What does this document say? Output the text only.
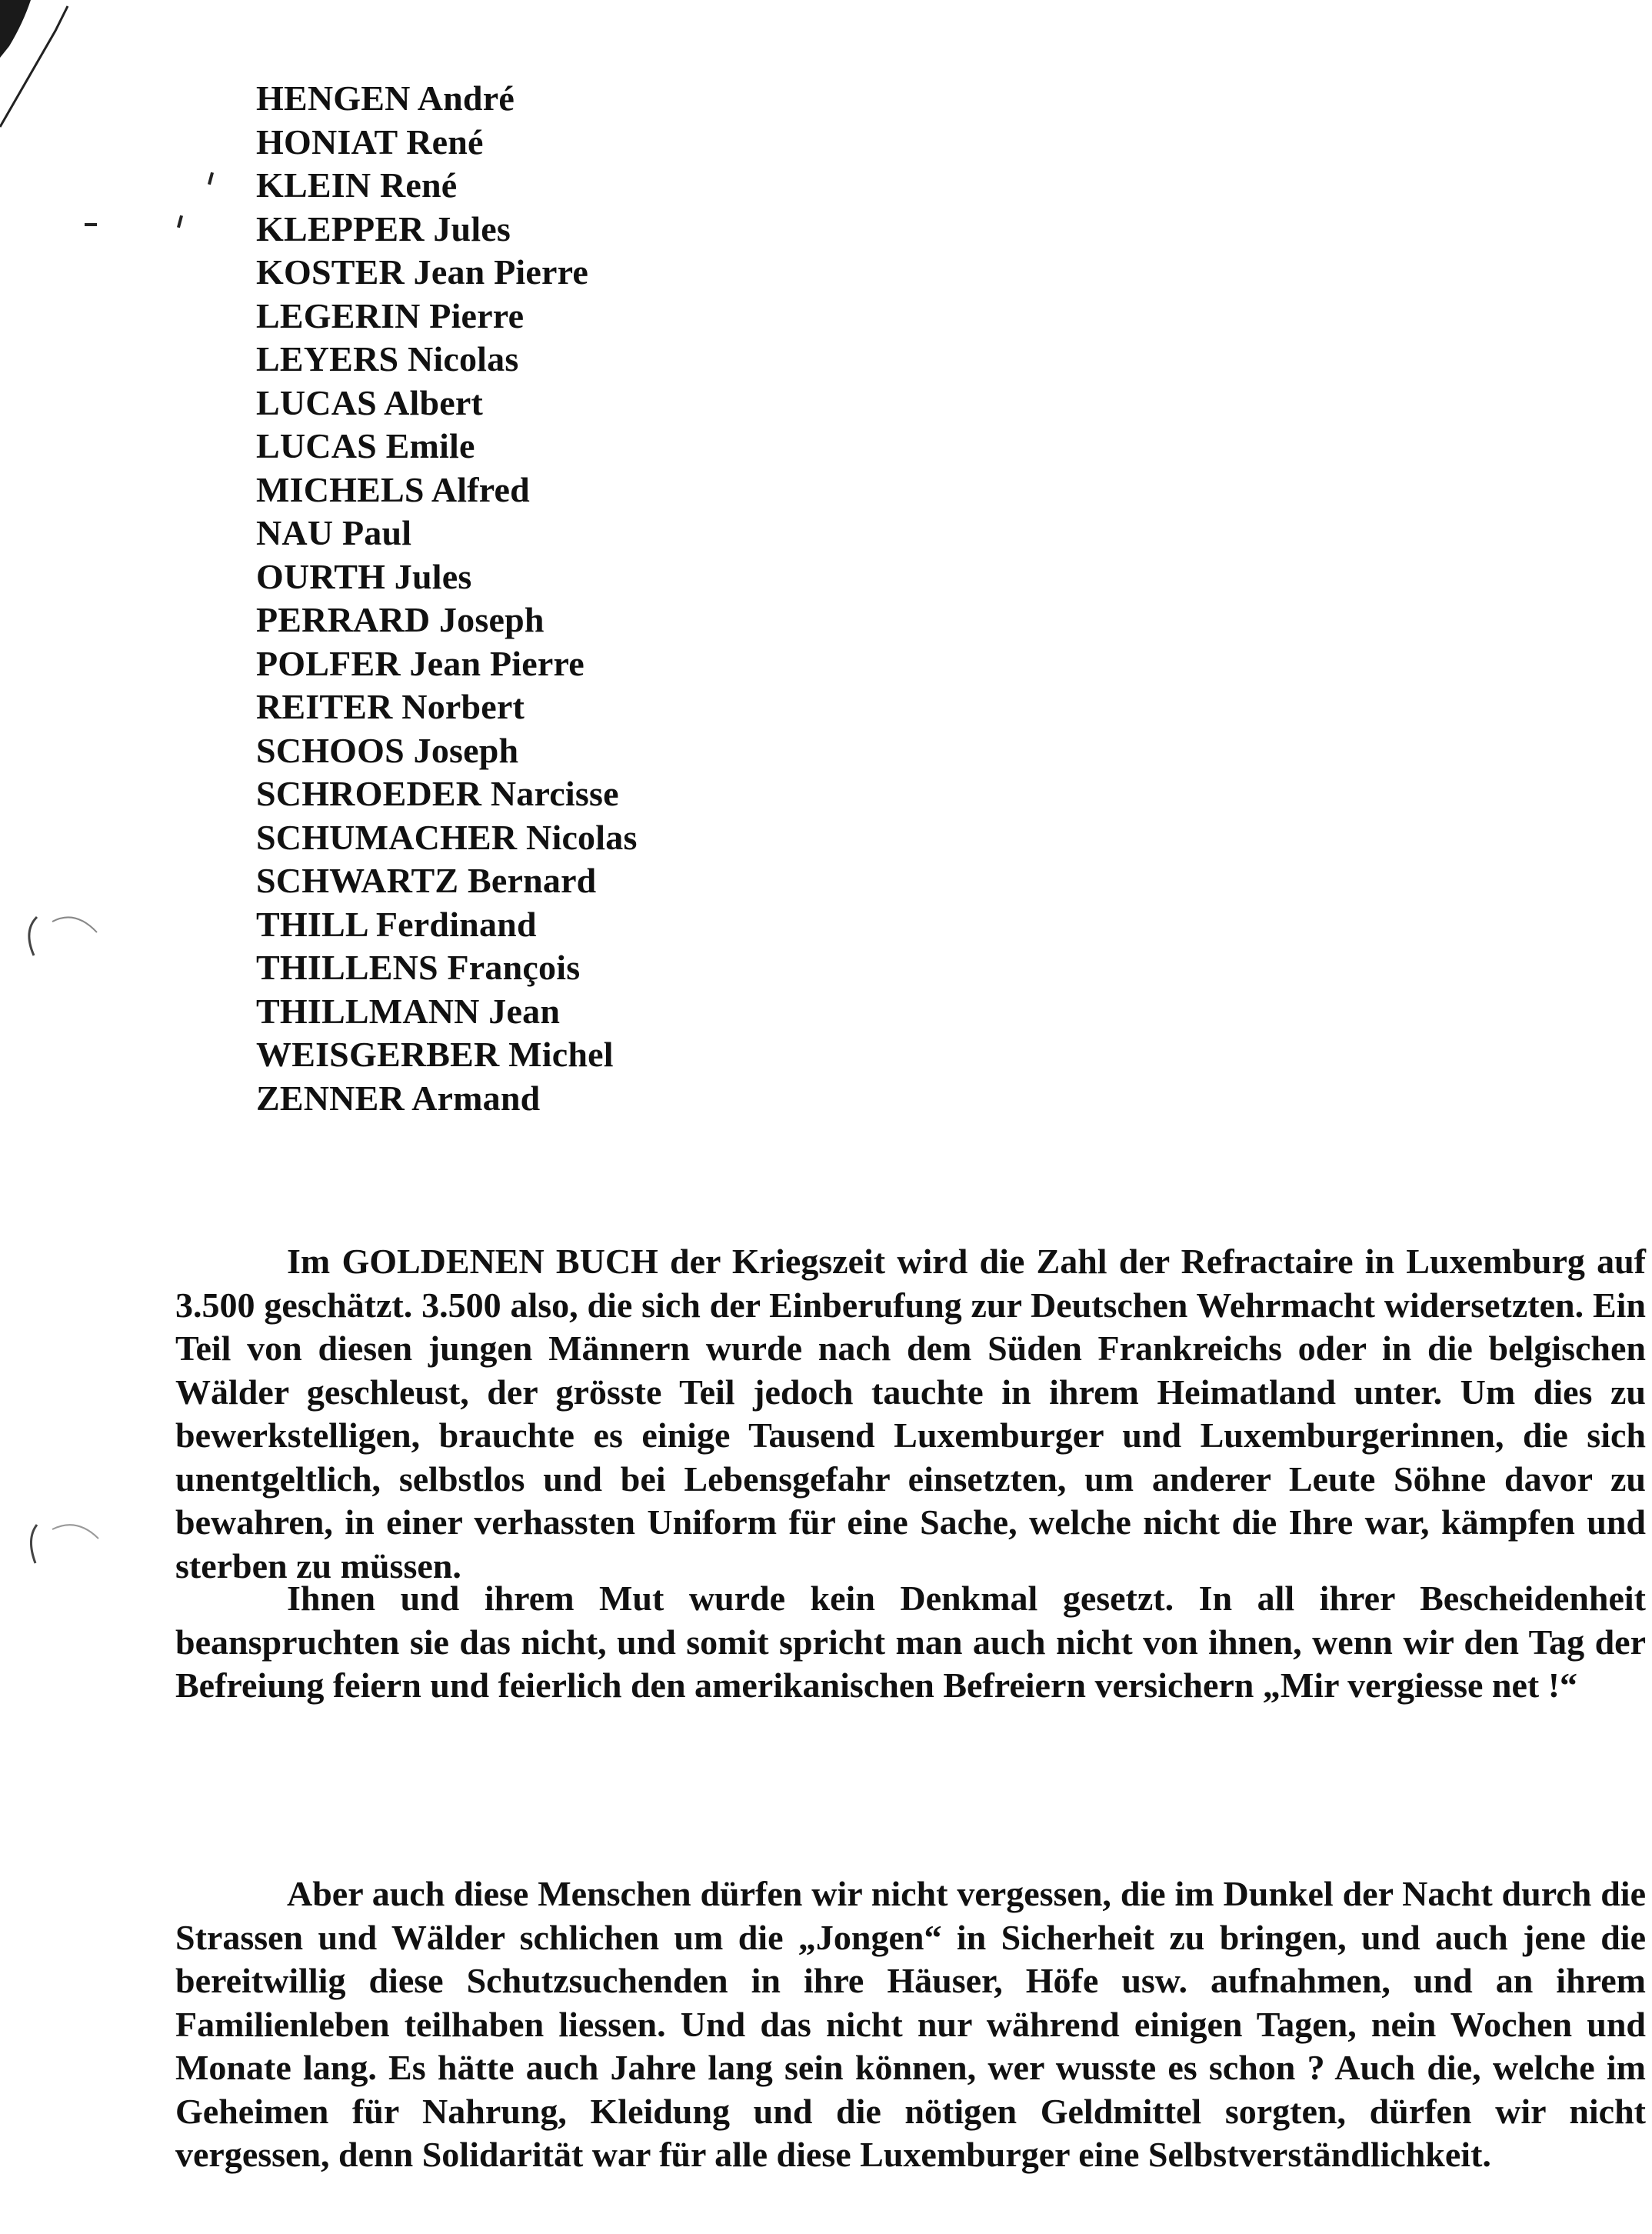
HENGEN André
HONIAT René
KLEIN René
KLEPPER Jules
KOSTER Jean Pierre
LEGERIN Pierre
LEYERS Nicolas
LUCAS Albert
LUCAS Emile
MICHELS Alfred
NAU Paul
OURTH Jules
PERRARD Joseph
POLFER Jean Pierre
REITER Norbert
SCHOOS Joseph
SCHROEDER Narcisse
SCHUMACHER Nicolas
SCHWARTZ Bernard
THILL Ferdinand
THILLENS François
THILLMANN Jean
WEISGERBER Michel
ZENNER Armand

Im GOLDENEN BUCH der Kriegszeit wird die Zahl der Refractaire in Luxemburg auf 3.500 geschätzt. 3.500 also, die sich der Einberufung zur Deutschen Wehrmacht widersetzten. Ein Teil von diesen jungen Männern wurde nach dem Süden Frankreichs oder in die belgischen Wälder geschleust, der grösste Teil jedoch tauchte in ihrem Heimatland unter. Um dies zu bewerkstelligen, brauchte es einige Tausend Luxemburger und Luxemburgerinnen, die sich unentgeltlich, selbstlos und bei Lebensgefahr einsetzten, um anderer Leute Söhne davor zu bewahren, in einer verhassten Uniform für eine Sache, welche nicht die Ihre war, kämpfen und sterben zu müssen.

Ihnen und ihrem Mut wurde kein Denkmal gesetzt. In all ihrer Bescheidenheit beanspruchten sie das nicht, und somit spricht man auch nicht von ihnen, wenn wir den Tag der Befreiung feiern und feierlich den amerikanischen Befreiern versichern „Mir vergiesse net !“

Aber auch diese Menschen dürfen wir nicht vergessen, die im Dunkel der Nacht durch die Strassen und Wälder schlichen um die „Jongen“ in Sicherheit zu bringen, und auch jene die bereitwillig diese Schutzsuchenden in ihre Häuser, Höfe usw. aufnahmen, und an ihrem Familienleben teilhaben liessen. Und das nicht nur während einigen Tagen, nein Wochen und Monate lang. Es hätte auch Jahre lang sein können, wer wusste es schon ? Auch die, welche im Geheimen für Nahrung, Kleidung und die nötigen Geldmittel sorgten, dürfen wir nicht vergessen, denn Solidarität war für alle diese Luxemburger eine Selbstverständlichkeit.
